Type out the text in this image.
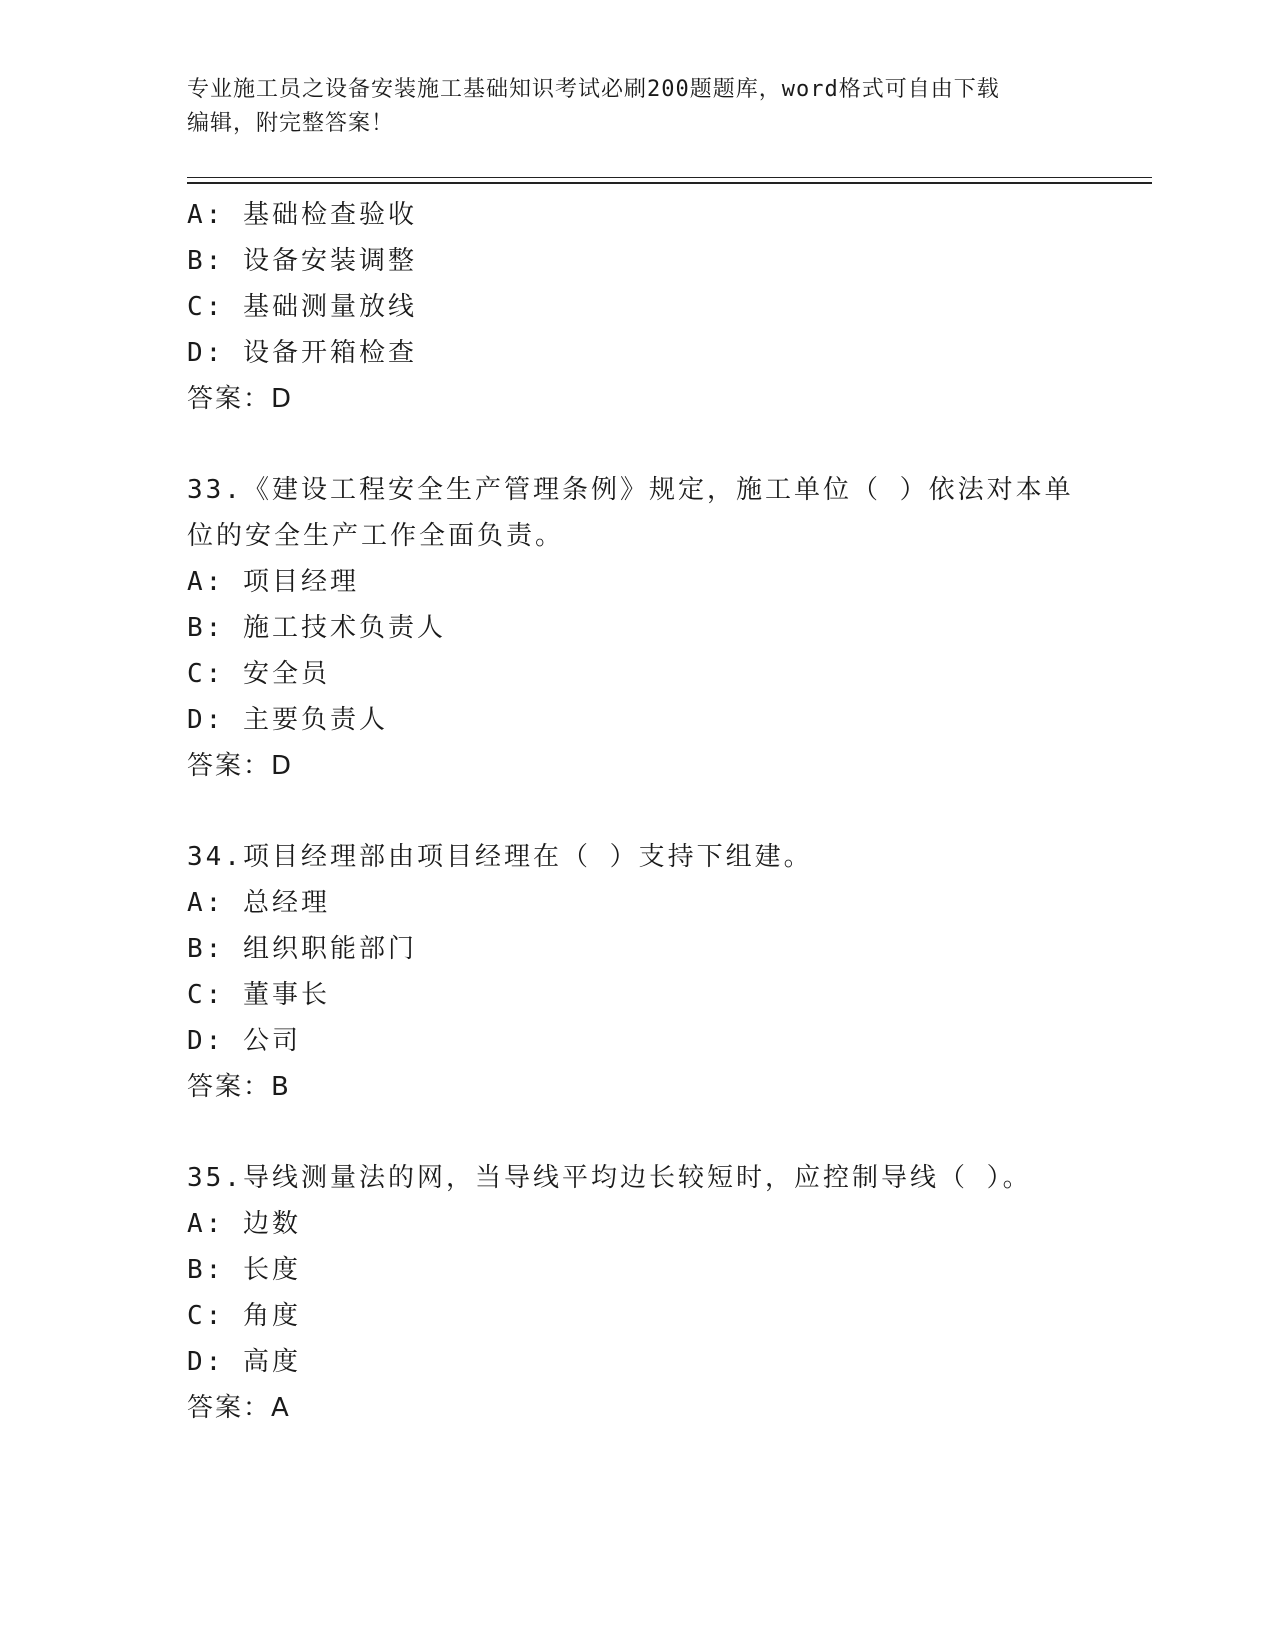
专业施工员之设备安装施工基础知识考试必刷200题题库，word格式可自由下载
编辑，附完整答案！
A: 基础检查验收
B: 设备安装调整
C: 基础测量放线
D: 设备开箱检查
答案：D
33.《建设工程安全生产管理条例》规定，施工单位（ ）依法对本单
位的安全生产工作全面负责。
A: 项目经理
B: 施工技术负责人
C: 安全员
D: 主要负责人
答案：D
34.项目经理部由项目经理在（ ）支持下组建。
A: 总经理
B: 组织职能部门
C: 董事长
D: 公司
答案：B
35.导线测量法的网，当导线平均边长较短时，应控制导线（ ）。
A: 边数
B: 长度
C: 角度
D: 高度
答案：A
